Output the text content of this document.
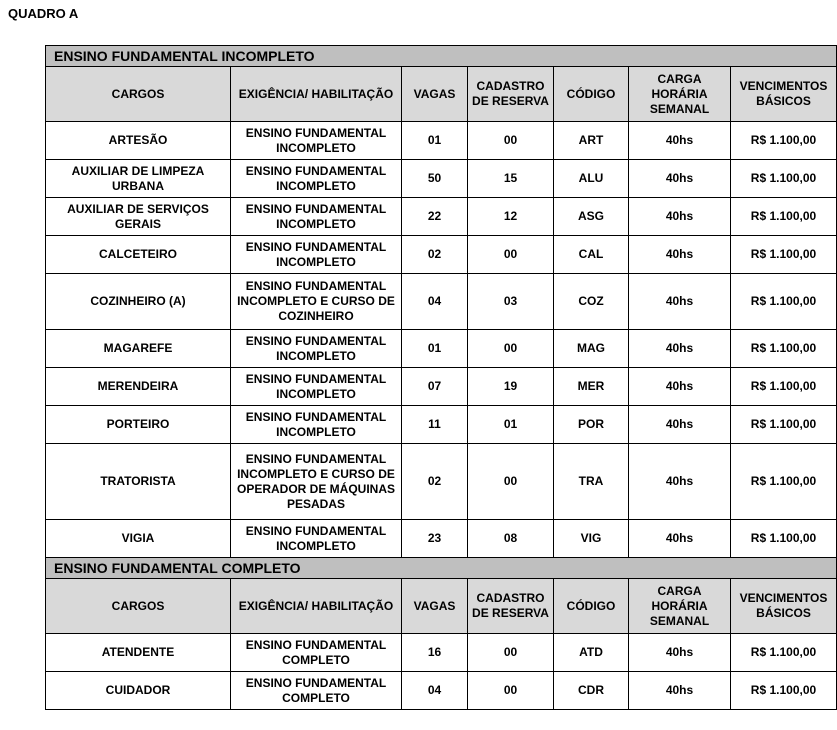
QUADRO A
ENSINO FUNDAMENTAL INCOMPLETO						
CARGOS	EXIGÊNCIA/ HABILITAÇÃO	VAGAS	CADASTRO DE RESERVA	CÓDIGO	CARGA HORÁRIA SEMANAL	VENCIMENTOS BÁSICOS
ARTESÃO	ENSINO FUNDAMENTAL INCOMPLETO	01	00	ART	40hs	R$ 1.100,00
AUXILIAR DE LIMPEZA URBANA	ENSINO FUNDAMENTAL INCOMPLETO	50	15	ALU	40hs	R$ 1.100,00
AUXILIAR DE SERVIÇOS GERAIS	ENSINO FUNDAMENTAL INCOMPLETO	22	12	ASG	40hs	R$ 1.100,00
CALCETEIRO	ENSINO FUNDAMENTAL INCOMPLETO	02	00	CAL	40hs	R$ 1.100,00
COZINHEIRO (A)	ENSINO FUNDAMENTAL INCOMPLETO E CURSO DE COZINHEIRO	04	03	COZ	40hs	R$ 1.100,00
MAGAREFE	ENSINO FUNDAMENTAL INCOMPLETO	01	00	MAG	40hs	R$ 1.100,00
MERENDEIRA	ENSINO FUNDAMENTAL INCOMPLETO	07	19	MER	40hs	R$ 1.100,00
PORTEIRO	ENSINO FUNDAMENTAL INCOMPLETO	11	01	POR	40hs	R$ 1.100,00
TRATORISTA	ENSINO FUNDAMENTAL INCOMPLETO E CURSO DE OPERADOR DE MÁQUINAS PESADAS	02	00	TRA	40hs	R$ 1.100,00
VIGIA	ENSINO FUNDAMENTAL INCOMPLETO	23	08	VIG	40hs	R$ 1.100,00
ENSINO FUNDAMENTAL COMPLETO						
CARGOS	EXIGÊNCIA/ HABILITAÇÃO	VAGAS	CADASTRO DE RESERVA	CÓDIGO	CARGA HORÁRIA SEMANAL	VENCIMENTOS BÁSICOS
ATENDENTE	ENSINO FUNDAMENTAL COMPLETO	16	00	ATD	40hs	R$ 1.100,00
CUIDADOR	ENSINO FUNDAMENTAL COMPLETO	04	00	CDR	40hs	R$ 1.100,00
